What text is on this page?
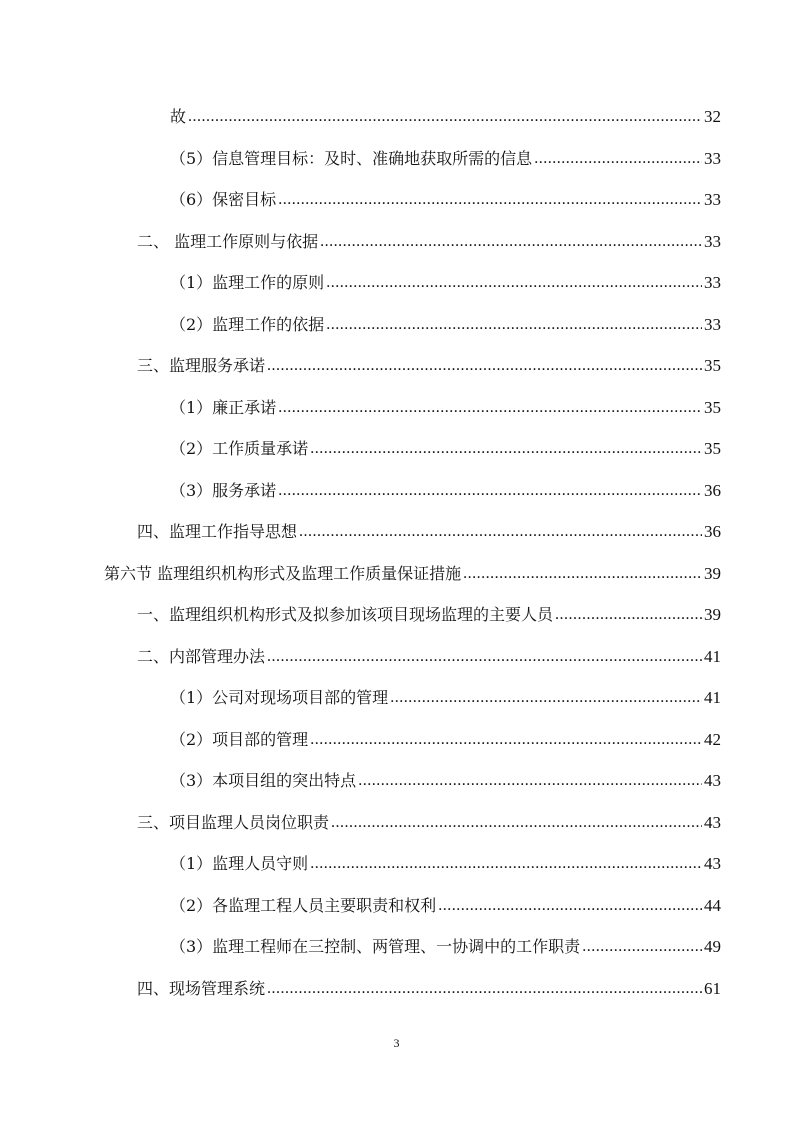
故 .....	32
（5）信息管理目标：及时、准确地获取所需的信息 .....	33
（6）保密目标 .....	33
二、 监理工作原则与依据 .....	33
（1）监理工作的原则 .....	33
（2）监理工作的依据 .....	33
三、监理服务承诺 .....	35
（1）廉正承诺 .....	35
（2）工作质量承诺 .....	35
（3）服务承诺 .....	36
四、监理工作指导思想 .....	36
第六节 监理组织机构形式及监理工作质量保证措施 .....	39
一、监理组织机构形式及拟参加该项目现场监理的主要人员 .....	39
二、内部管理办法 .....	41
（1）公司对现场项目部的管理 .....	41
（2）项目部的管理 .....	42
（3）本项目组的突出特点 .....	43
三、项目监理人员岗位职责 .....	43
（1）监理人员守则 .....	43
（2）各监理工程人员主要职责和权利 .....	44
（3）监理工程师在三控制、两管理、一协调中的工作职责 .....	49
四、现场管理系统 .....	61
3
